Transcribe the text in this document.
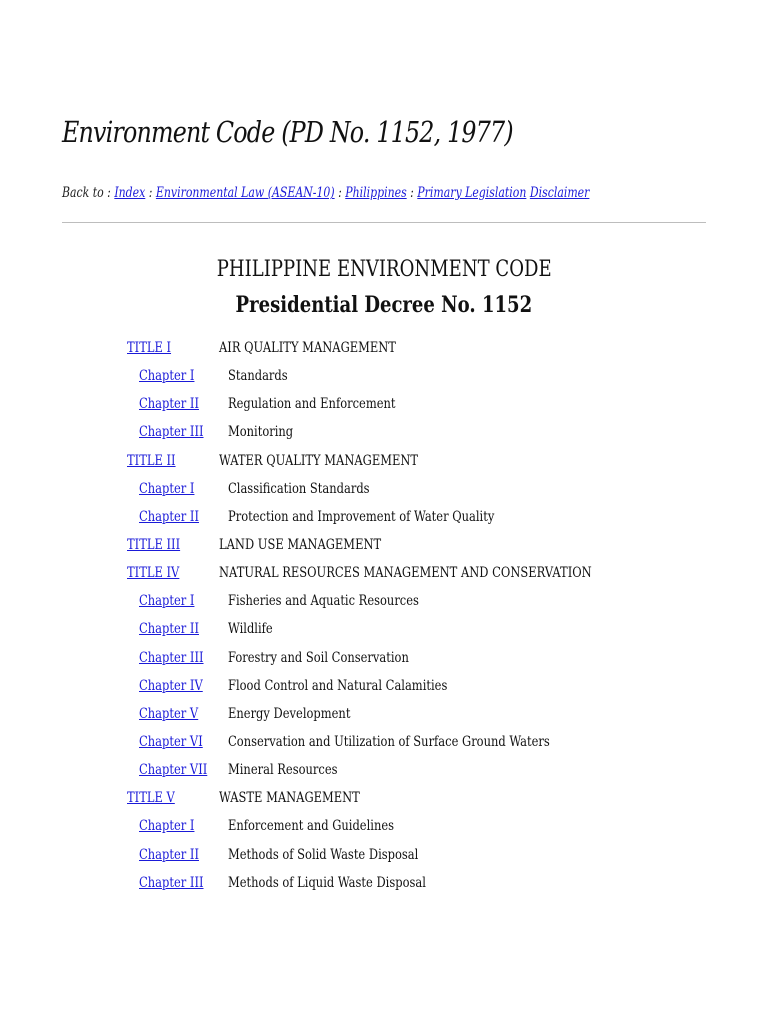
Environment Code (PD No. 1152, 1977)
Back to : Index : Environmental Law (ASEAN-10) : Philippines : Primary Legislation Disclaimer
PHILIPPINE ENVIRONMENT CODE
Presidential Decree No. 1152
TITLE I	AIR QUALITY MANAGEMENT
Chapter I Standards
Chapter II Regulation and Enforcement
Chapter III Monitoring
TITLE II	WATER QUALITY MANAGEMENT
Chapter I Classification Standards
Chapter II Protection and Improvement of Water Quality
TITLE III	LAND USE MANAGEMENT
TITLE IV	NATURAL RESOURCES MANAGEMENT AND CONSERVATION
Chapter I Fisheries and Aquatic Resources
Chapter II Wildlife
Chapter III Forestry and Soil Conservation
Chapter IV Flood Control and Natural Calamities
Chapter V Energy Development
Chapter VI Conservation and Utilization of Surface Ground Waters
Chapter VII Mineral Resources
TITLE V	WASTE MANAGEMENT
Chapter I Enforcement and Guidelines
Chapter II Methods of Solid Waste Disposal
Chapter III Methods of Liquid Waste Disposal
